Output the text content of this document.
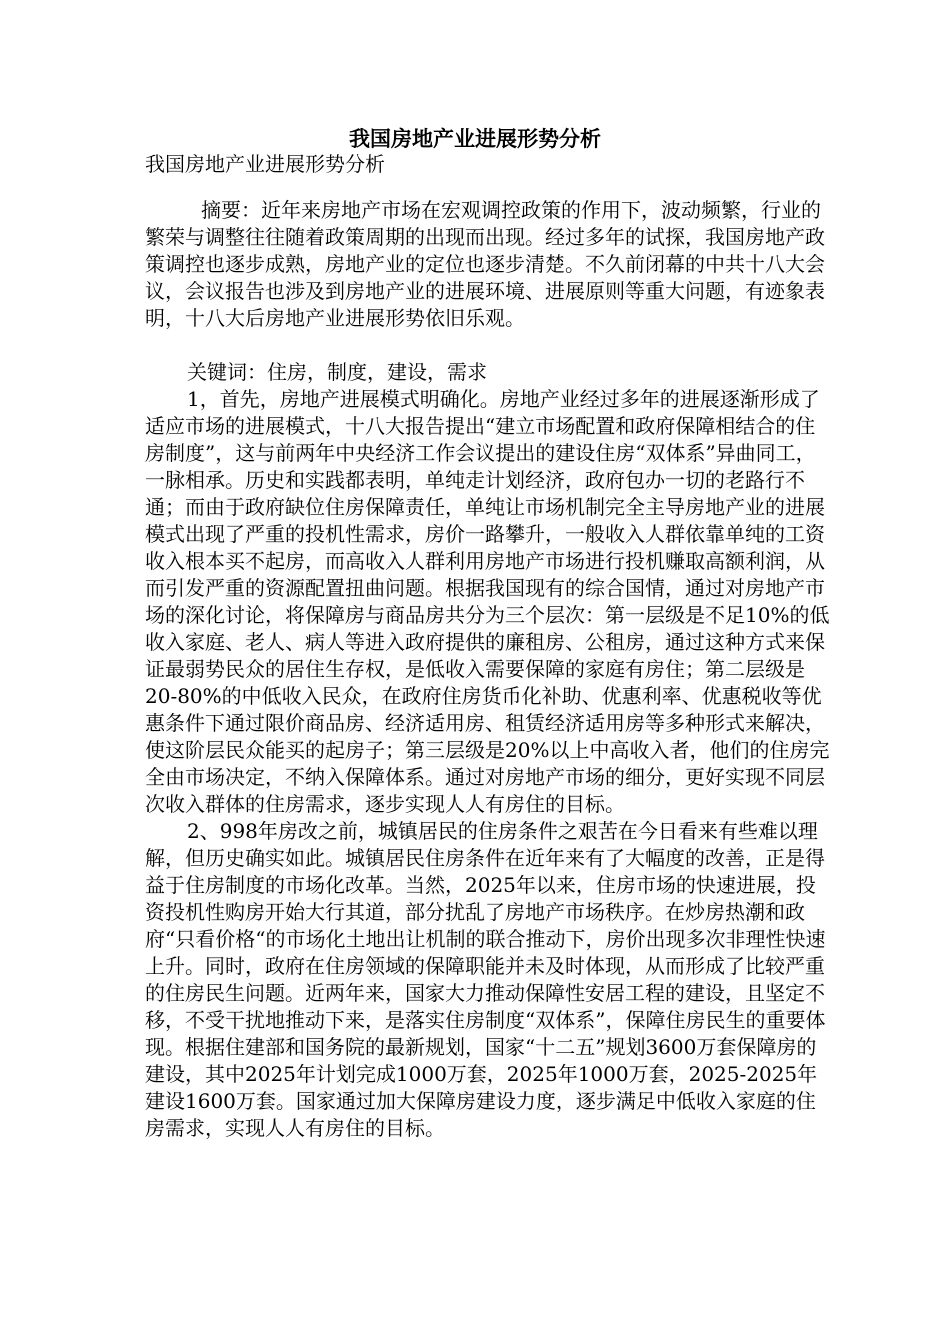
我国房地产业进展形势分析

我国房地产业进展形势分析

摘要：近年来房地产市场在宏观调控政策的作用下，波动频繁，行业的繁荣与调整往往随着政策周期的出现而出现。经过多年的试探，我国房地产政策调控也逐步成熟，房地产业的定位也逐步清楚。不久前闭幕的中共十八大会议，会议报告也涉及到房地产业的进展环境、进展原则等重大问题，有迹象表明，十八大后房地产业进展形势依旧乐观。

关键词：住房，制度，建设，需求

1，首先，房地产进展模式明确化。房地产业经过多年的进展逐渐形成了适应市场的进展模式，十八大报告提出“建立市场配置和政府保障相结合的住房制度”，这与前两年中央经济工作会议提出的建设住房“双体系”异曲同工，一脉相承。历史和实践都表明，单纯走计划经济，政府包办一切的老路行不通；而由于政府缺位住房保障责任，单纯让市场机制完全主导房地产业的进展模式出现了严重的投机性需求，房价一路攀升，一般收入人群依靠单纯的工资收入根本买不起房，而高收入人群利用房地产市场进行投机赚取高额利润，从而引发严重的资源配置扭曲问题。根据我国现有的综合国情，通过对房地产市场的深化讨论，将保障房与商品房共分为三个层次：第一层级是不足10%的低收入家庭、老人、病人等进入政府提供的廉租房、公租房，通过这种方式来保证最弱势民众的居住生存权，是低收入需要保障的家庭有房住；第二层级是20-80%的中低收入民众，在政府住房货币化补助、优惠利率、优惠税收等优惠条件下通过限价商品房、经济适用房、租赁经济适用房等多种形式来解决，使这阶层民众能买的起房子；第三层级是20%以上中高收入者，他们的住房完全由市场决定，不纳入保障体系。通过对房地产市场的细分，更好实现不同层次收入群体的住房需求，逐步实现人人有房住的目标。

2、998年房改之前，城镇居民的住房条件之艰苦在今日看来有些难以理解，但历史确实如此。城镇居民住房条件在近年来有了大幅度的改善，正是得益于住房制度的市场化改革。当然，2025年以来，住房市场的快速进展，投资投机性购房开始大行其道，部分扰乱了房地产市场秩序。在炒房热潮和政府“只看价格“的市场化土地出让机制的联合推动下，房价出现多次非理性快速上升。同时，政府在住房领域的保障职能并未及时体现，从而形成了比较严重的住房民生问题。近两年来，国家大力推动保障性安居工程的建设，且坚定不移，不受干扰地推动下来，是落实住房制度“双体系”，保障住房民生的重要体现。根据住建部和国务院的最新规划，国家“十二五”规划3600万套保障房的建设，其中2025年计划完成1000万套，2025年1000万套，2025-2025年建设1600万套。国家通过加大保障房建设力度，逐步满足中低收入家庭的住房需求，实现人人有房住的目标。
